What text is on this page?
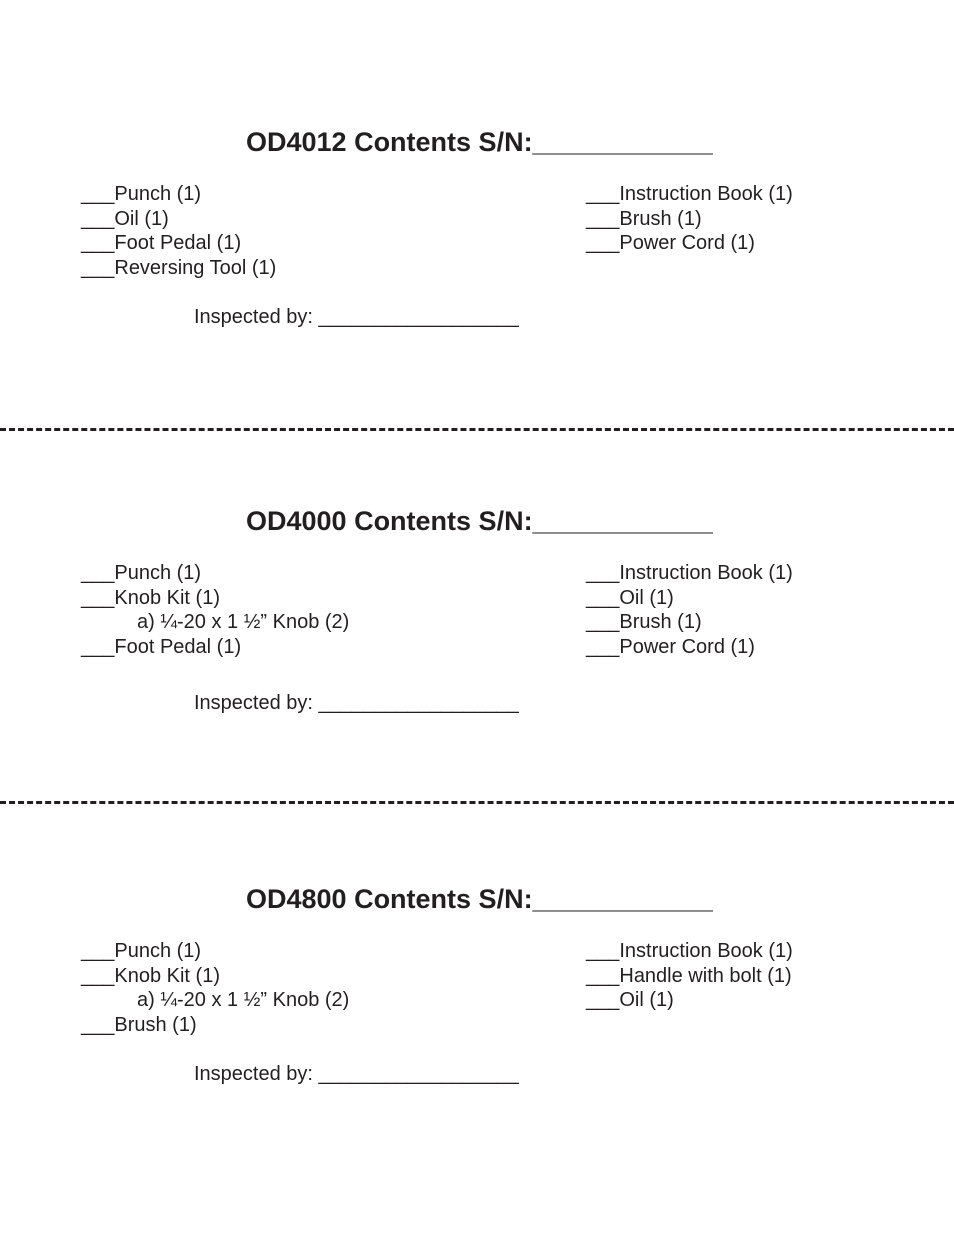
OD4012 Contents S/N:____________
___Punch (1)
___Oil (1)
___Foot Pedal (1)
___Reversing Tool (1)
___Instruction Book (1)
___Brush (1)
___Power Cord (1)
Inspected by: __________________
OD4000 Contents S/N:____________
___Punch (1)
___Knob Kit (1)
a) ¼-20 x 1 ½” Knob (2)
___Foot Pedal (1)
___Instruction Book (1)
___Oil (1)
___Brush (1)
___Power Cord (1)
Inspected by: __________________
OD4800 Contents S/N:____________
___Punch (1)
___Knob Kit (1)
a) ¼-20 x 1 ½” Knob (2)
___Brush (1)
___Instruction Book (1)
___Handle with bolt (1)
___Oil (1)
Inspected by: __________________
